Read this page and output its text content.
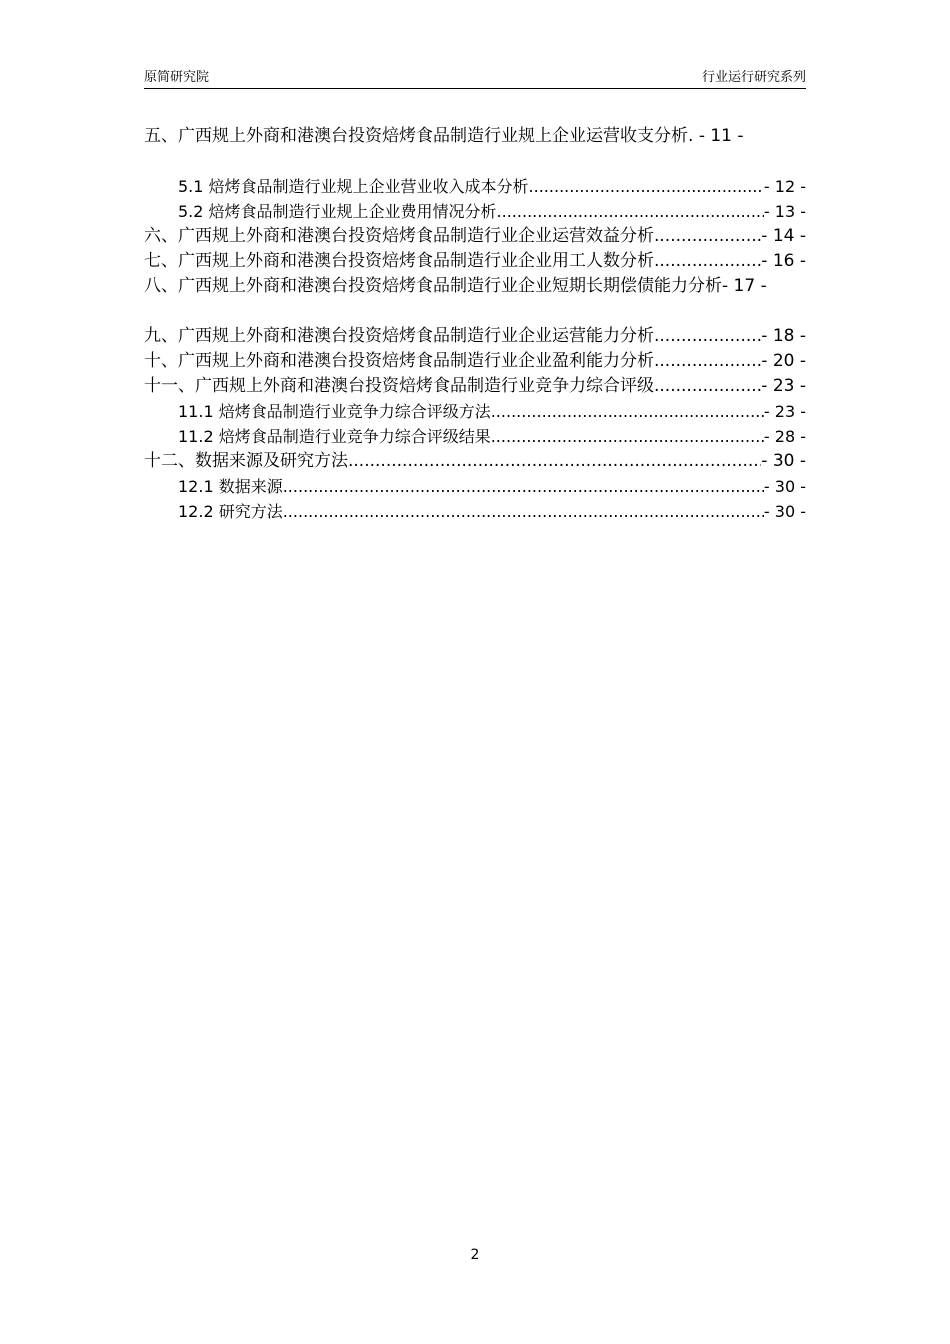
原简研究院	行业运行研究系列
五、广西规上外商和港澳台投资焙烤食品制造行业规上企业运营收支分析. - 11 -
5.1 焙烤食品制造行业规上企业营业收入成本分析 .....	- 12 -
5.2 焙烤食品制造行业规上企业费用情况分析 .....	- 13 -
六、广西规上外商和港澳台投资焙烤食品制造行业企业运营效益分析 .....	- 14 -
七、广西规上外商和港澳台投资焙烤食品制造行业企业用工人数分析 .....	- 16 -
八、广西规上外商和港澳台投资焙烤食品制造行业企业短期长期偿债能力分析- 17 -
九、广西规上外商和港澳台投资焙烤食品制造行业企业运营能力分析 .....	- 18 -
十、广西规上外商和港澳台投资焙烤食品制造行业企业盈利能力分析 .....	- 20 -
十一、广西规上外商和港澳台投资焙烤食品制造行业竞争力综合评级 .....	- 23 -
11.1 焙烤食品制造行业竞争力综合评级方法 .....	- 23 -
11.2 焙烤食品制造行业竞争力综合评级结果 .....	- 28 -
十二、数据来源及研究方法 .....	- 30 -
12.1 数据来源 .....	- 30 -
12.2 研究方法 .....	- 30 -
2
